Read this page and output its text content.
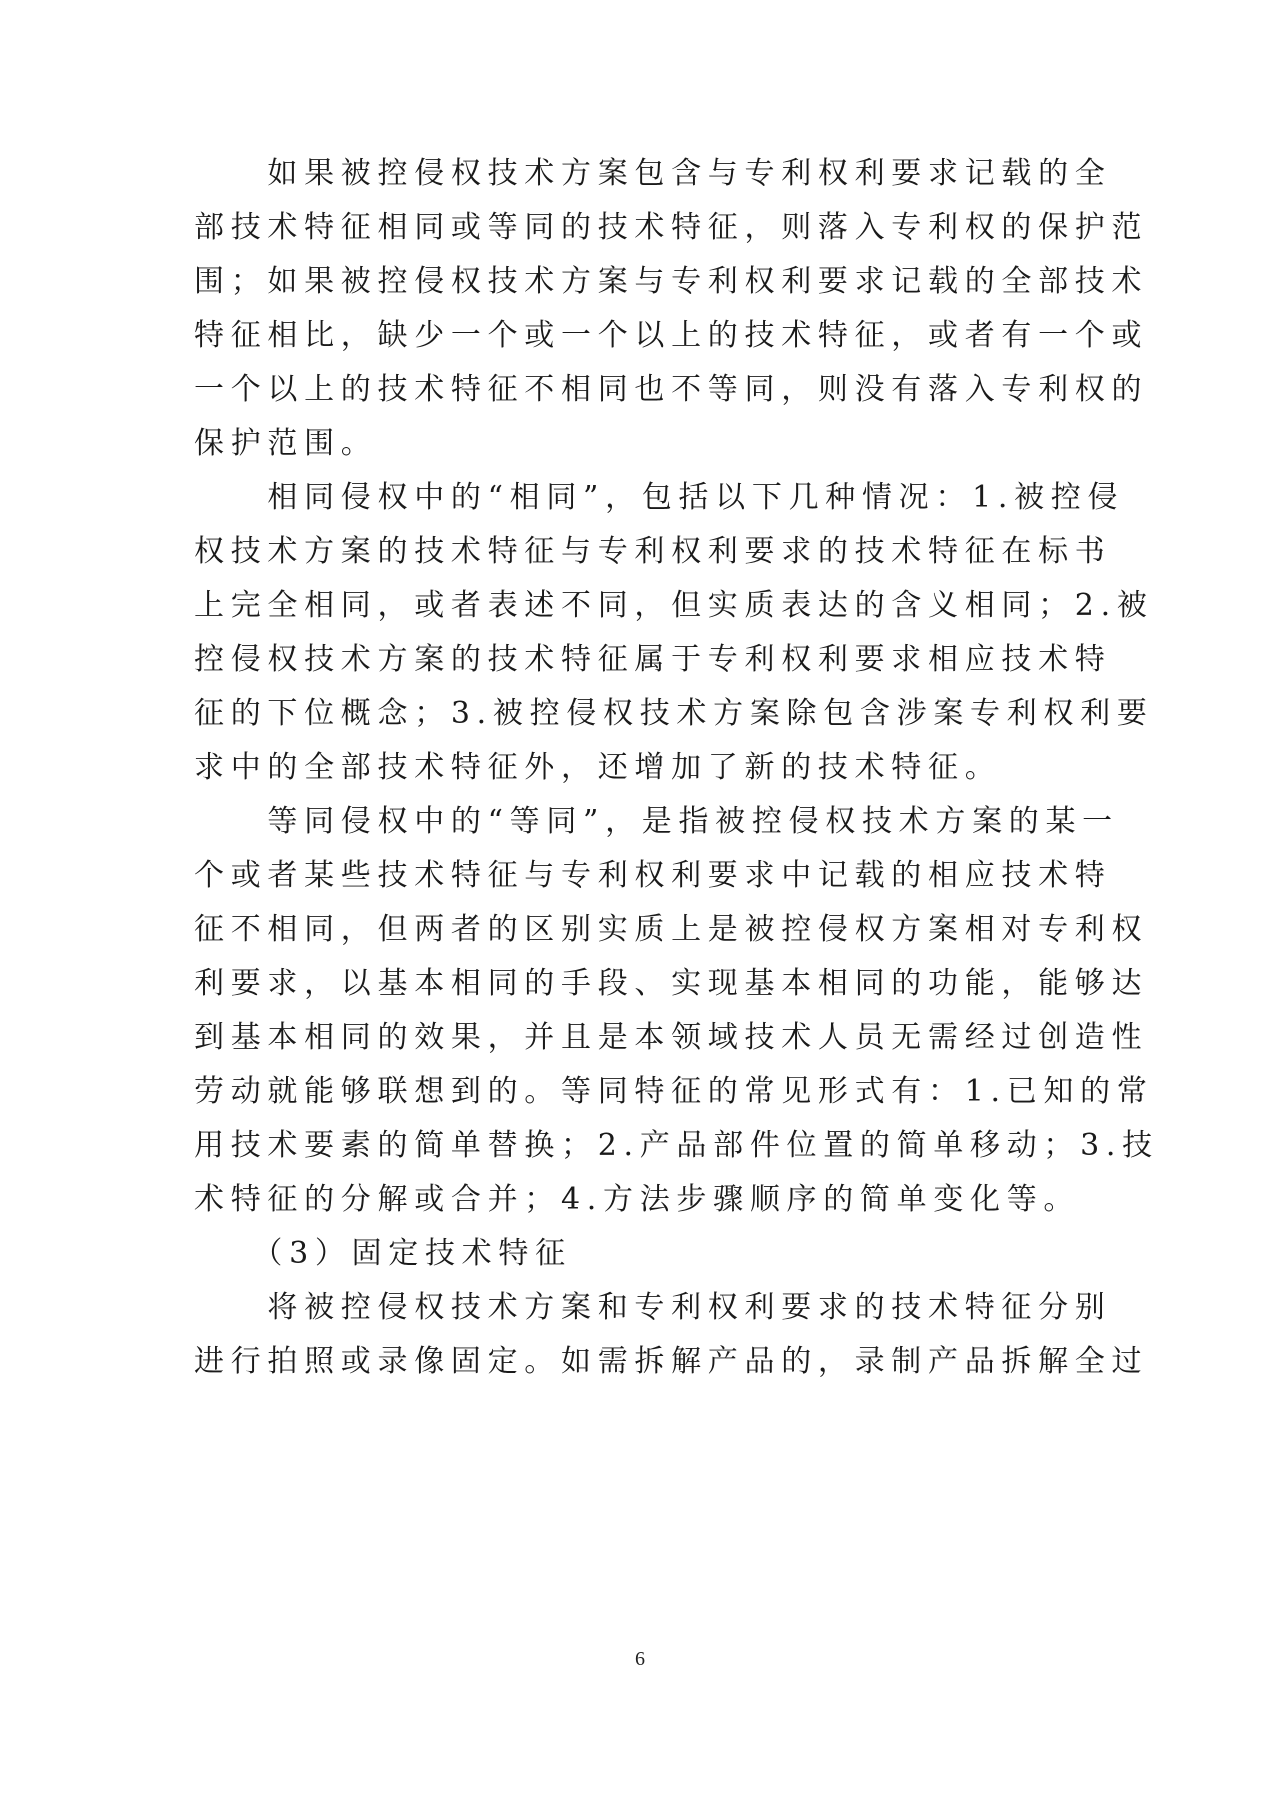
　　如果被控侵权技术方案包含与专利权利要求记载的全
部技术特征相同或等同的技术特征，则落入专利权的保护范
围；如果被控侵权技术方案与专利权利要求记载的全部技术
特征相比，缺少一个或一个以上的技术特征，或者有一个或
一个以上的技术特征不相同也不等同，则没有落入专利权的
保护范围。
　　相同侵权中的“相同”，包括以下几种情况：1.被控侵
权技术方案的技术特征与专利权利要求的技术特征在标书
上完全相同，或者表述不同，但实质表达的含义相同；2.被
控侵权技术方案的技术特征属于专利权利要求相应技术特
征的下位概念；3.被控侵权技术方案除包含涉案专利权利要
求中的全部技术特征外，还增加了新的技术特征。
　　等同侵权中的“等同”，是指被控侵权技术方案的某一
个或者某些技术特征与专利权利要求中记载的相应技术特
征不相同，但两者的区别实质上是被控侵权方案相对专利权
利要求，以基本相同的手段、实现基本相同的功能，能够达
到基本相同的效果，并且是本领域技术人员无需经过创造性
劳动就能够联想到的。等同特征的常见形式有：1.已知的常
用技术要素的简单替换；2.产品部件位置的简单移动；3.技
术特征的分解或合并；4.方法步骤顺序的简单变化等。
　　（3）固定技术特征
　　将被控侵权技术方案和专利权利要求的技术特征分别
进行拍照或录像固定。如需拆解产品的，录制产品拆解全过
6
